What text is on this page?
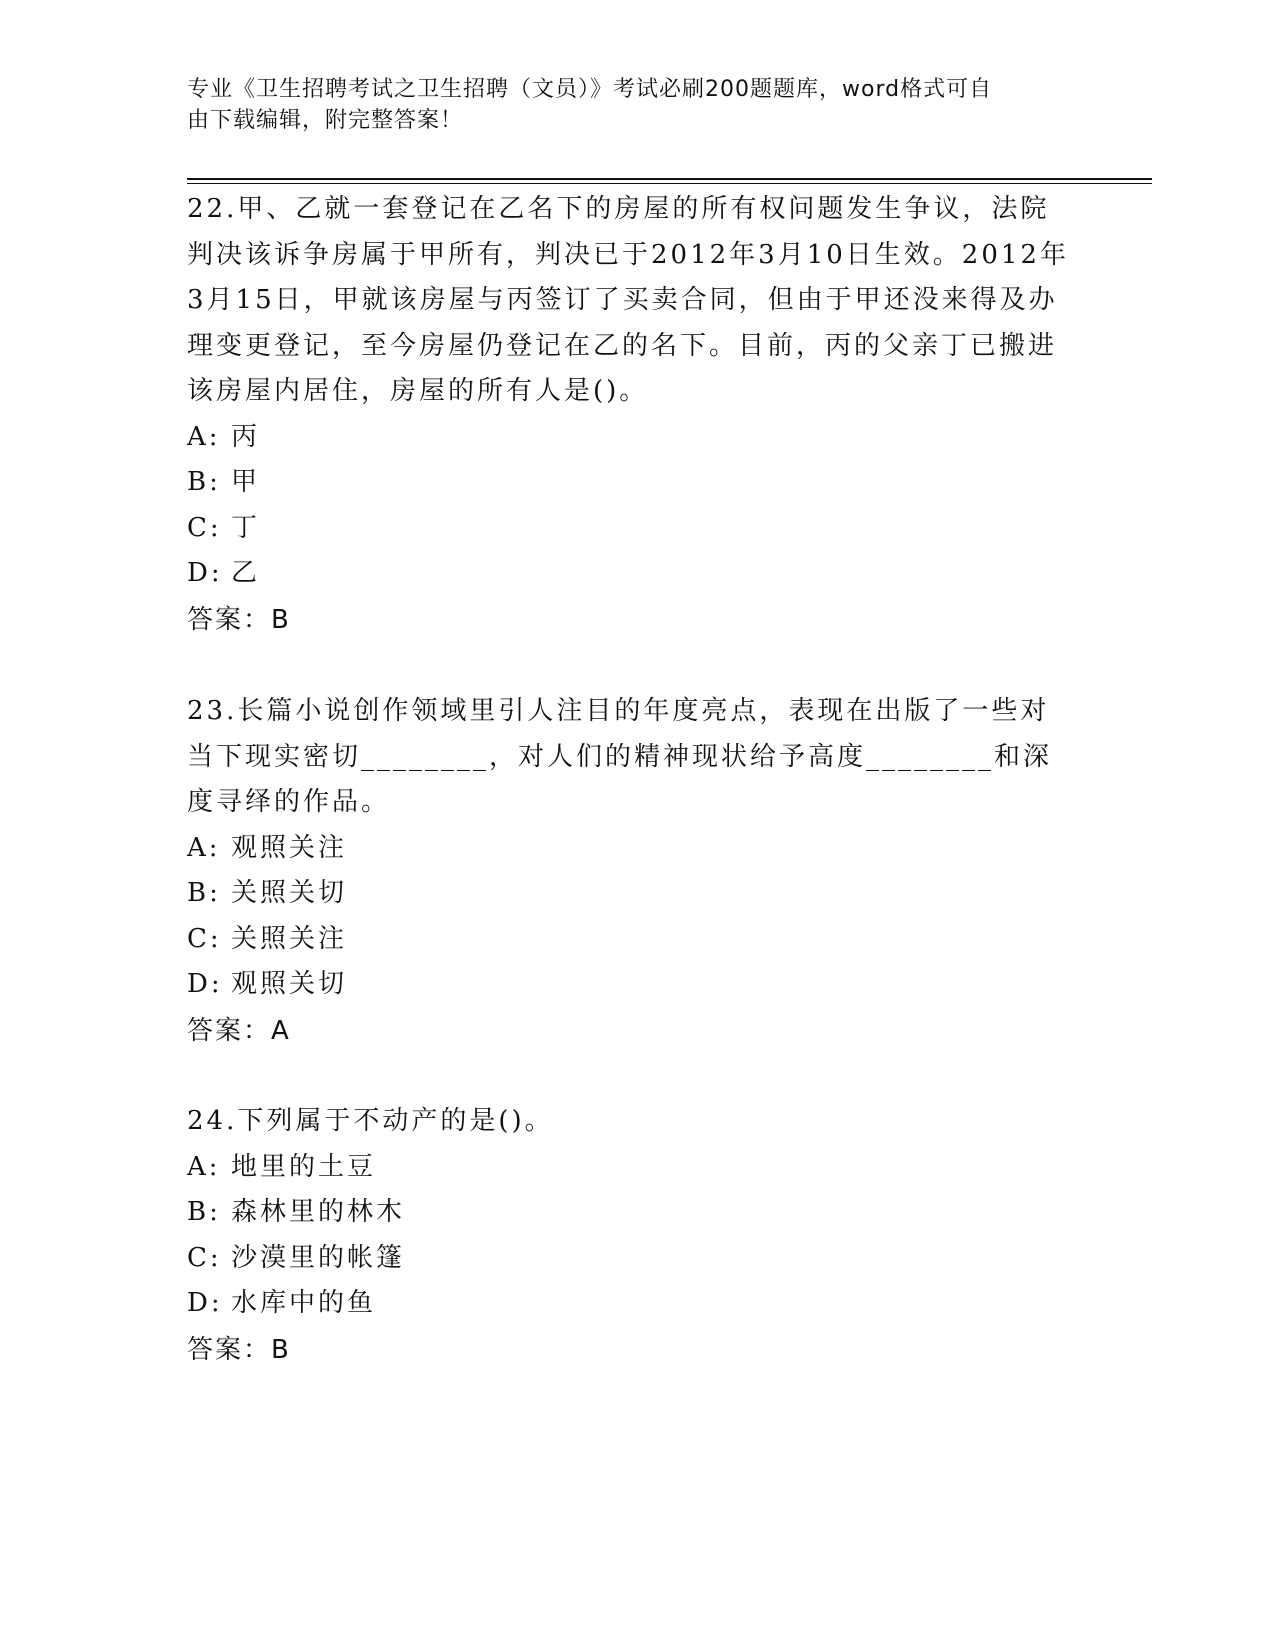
专业《卫生招聘考试之卫生招聘（文员）》考试必刷200题题库，word格式可自
由下载编辑，附完整答案！

22.甲、乙就一套登记在乙名下的房屋的所有权问题发生争议，法院判决该诉争房属于甲所有，判决已于2012年3月10日生效。2012年3月15日，甲就该房屋与丙签订了买卖合同，但由于甲还没来得及办理变更登记，至今房屋仍登记在乙的名下。目前，丙的父亲丁已搬进该房屋内居住，房屋的所有人是()。

A: 丙
B: 甲
C: 丁
D: 乙
答案：B

23.长篇小说创作领域里引人注目的年度亮点，表现在出版了一些对当下现实密切________，对人们的精神现状给予高度________和深度寻绎的作品。

A: 观照关注
B: 关照关切
C: 关照关注
D: 观照关切
答案：A

24.下列属于不动产的是()。

A: 地里的土豆
B: 森林里的林木
C: 沙漠里的帐篷
D: 水库中的鱼
答案：B
